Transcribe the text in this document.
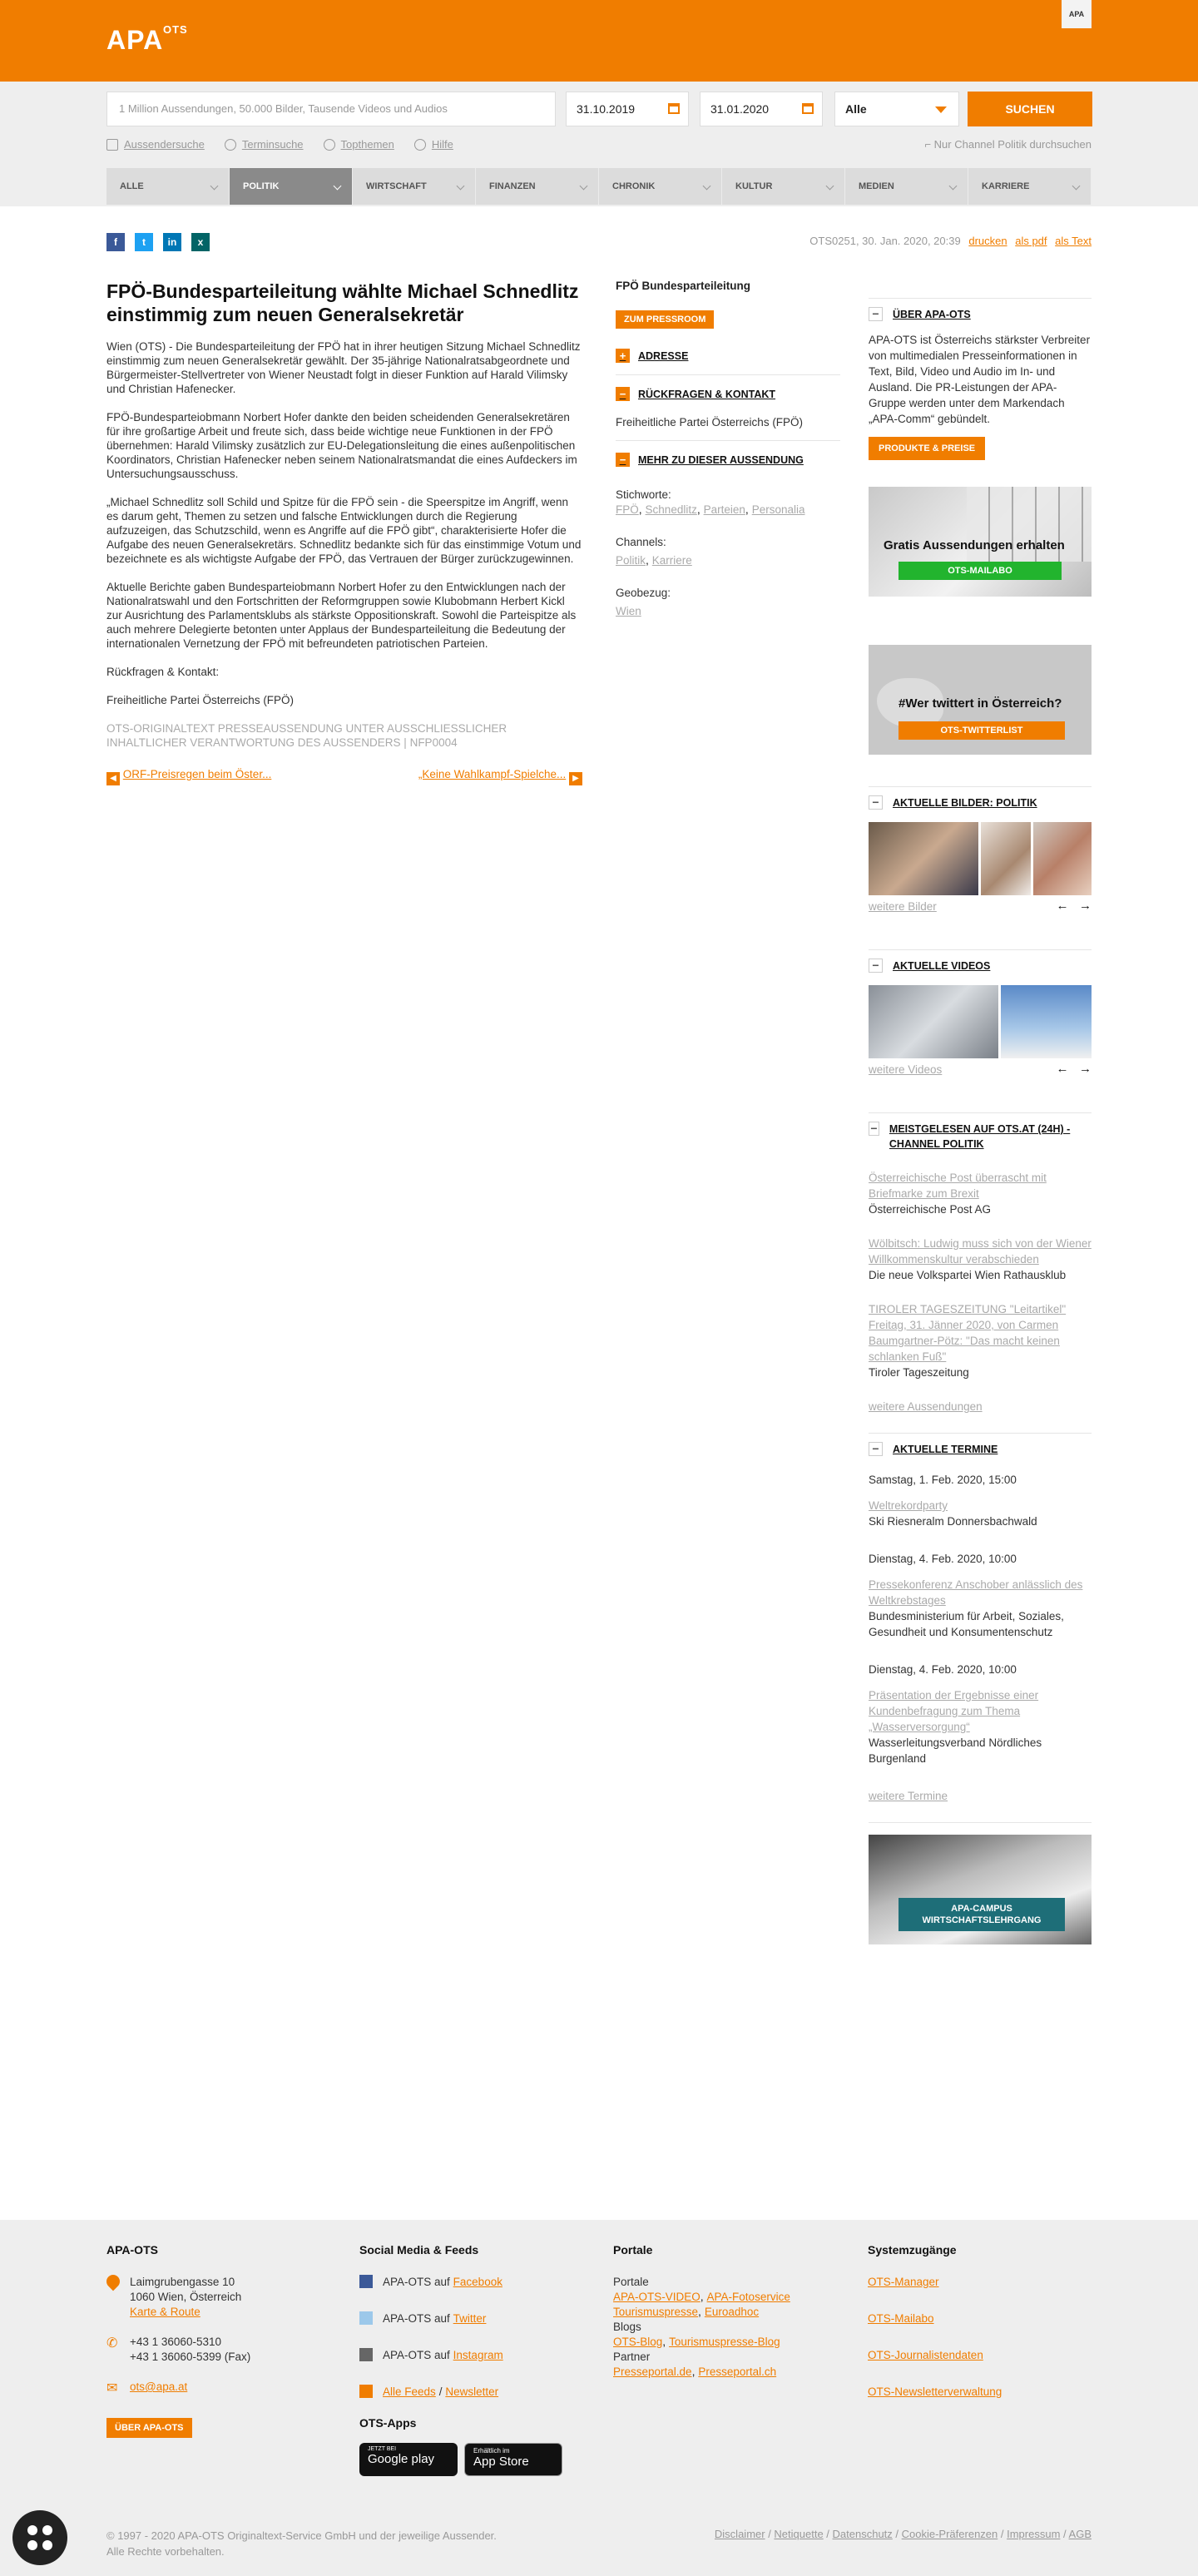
APA OTS
APA
1 Million Aussendungen, 50.000 Bilder, Tausende Videos und Audios	31.10.2019	31.01.2020	Alle	SUCHEN
Aussendersuche	Terminsuche	Topthemen	Hilfe	⌐ Nur Channel Politik durchsuchen
ALLE	POLITIK	WIRTSCHAFT	FINANZEN	CHRONIK	KULTUR	MEDIEN	KARRIERE
f	t	in	x	OTS0251, 30. Jan. 2020, 20:39 drucken als pdf als Text
FPÖ-Bundesparteileitung wählte Michael Schnedlitz einstimmig zum neuen Generalsekretär

Wien (OTS) - Die Bundesparteileitung der FPÖ hat in ihrer heutigen Sitzung Michael Schnedlitz einstimmig zum neuen Generalsekretär gewählt. Der 35-jährige Nationalratsabgeordnete und Bürgermeister-Stellvertreter von Wiener Neustadt folgt in dieser Funktion auf Harald Vilimsky und Christian Hafenecker.

FPÖ-Bundesparteiobmann Norbert Hofer dankte den beiden scheidenden Generalsekretären für ihre großartige Arbeit und freute sich, dass beide wichtige neue Funktionen in der FPÖ übernehmen: Harald Vilimsky zusätzlich zur EU-Delegationsleitung die eines außenpolitischen Koordinators, Christian Hafenecker neben seinem Nationalratsmandat die eines Aufdeckers im Untersuchungsausschuss.

„Michael Schnedlitz soll Schild und Spitze für die FPÖ sein - die Speerspitze im Angriff, wenn es darum geht, Themen zu setzen und falsche Entwicklungen durch die Regierung aufzuzeigen, das Schutzschild, wenn es Angriffe auf die FPÖ gibt“, charakterisierte Hofer die Aufgabe des neuen Generalsekretärs. Schnedlitz bedankte sich für das einstimmige Votum und bezeichnete es als wichtigste Aufgabe der FPÖ, das Vertrauen der Bürger zurückzugewinnen.

Aktuelle Berichte gaben Bundesparteiobmann Norbert Hofer zu den Entwicklungen nach der Nationalratswahl und den Fortschritten der Reformgruppen sowie Klubobmann Herbert Kickl zur Ausrichtung des Parlamentsklubs als stärkste Oppositionskraft. Sowohl die Parteispitze als auch mehrere Delegierte betonten unter Applaus der Bundesparteileitung die Bedeutung der internationalen Vernetzung der FPÖ mit befreundeten patriotischen Parteien.

Rückfragen & Kontakt:

Freiheitliche Partei Österreichs (FPÖ)

OTS-ORIGINALTEXT PRESSEAUSSENDUNG UNTER AUSSCHLIESSLICHER INHALTLICHER VERANTWORTUNG DES AUSSENDERS | NFP0004
◀ ORF-Preisregen beim Öster...	„Keine Wahlkampf-Spielche... ▶
FPÖ Bundesparteileitung
ZUM PRESSROOM
+	ADRESSE
−	RÜCKFRAGEN & KONTAKT
Freiheitliche Partei Österreichs (FPÖ)
−	MEHR ZU DIESER AUSSENDUNG
Stichworte:
FPÖ, Schnedlitz, Parteien, Personalia
Channels:
Politik, Karriere
Geobezug:
Wien
−	ÜBER APA-OTS
APA-OTS ist Österreichs stärkster Verbreiter von multimedialen Presseinformationen in Text, Bild, Video und Audio im In- und Ausland. Die PR-Leistungen der APA-Gruppe werden unter dem Markendach „APA-Comm“ gebündelt.
PRODUKTE & PREISE
Gratis Aussendungen erhalten
OTS-MAILABO
#Wer twittert in Österreich?
OTS-TWITTERLIST
−	AKTUELLE BILDER: POLITIK
weitere Bilder	← →
−	AKTUELLE VIDEOS
weitere Videos	← →
− MEISTGELESEN AUF OTS.AT (24H) - CHANNEL POLITIK
Österreichische Post überrascht mit Briefmarke zum Brexit
Österreichische Post AG
Wölbitsch: Ludwig muss sich von der Wiener Willkommenskultur verabschieden
Die neue Volkspartei Wien Rathausklub
TIROLER TAGESZEITUNG "Leitartikel" Freitag, 31. Jänner 2020, von Carmen Baumgartner-Pötz: "Das macht keinen schlanken Fuß"
Tiroler Tageszeitung
weitere Aussendungen
−	AKTUELLE TERMINE
Samstag, 1. Feb. 2020, 15:00
Weltrekordparty
Ski Riesneralm Donnersbachwald
Dienstag, 4. Feb. 2020, 10:00
Pressekonferenz Anschober anlässlich des Weltkrebstages
Bundesministerium für Arbeit, Soziales, Gesundheit und Konsumentenschutz
Dienstag, 4. Feb. 2020, 10:00
Präsentation der Ergebnisse einer Kundenbefragung zum Thema „Wasserversorgung“
Wasserleitungsverband Nördliches Burgenland
weitere Termine
APA-CAMPUS WIRTSCHAFTSLEHRGANG
APA-OTS
Laimgrubengasse 10
1060 Wien, Österreich
Karte & Route
✆ +43 1 36060-5310
+43 1 36060-5399 (Fax)
✉ ots@apa.at
ÜBER APA-OTS
Social Media & Feeds
APA-OTS auf Facebook
APA-OTS auf Twitter
APA-OTS auf Instagram
Alle Feeds / Newsletter
OTS-Apps
JETZT BEI
Google play
Erhältlich im
App Store
Portale
Portale
APA-OTS-VIDEO, APA-Fotoservice
Tourismuspresse, Euroadhoc
Blogs
OTS-Blog, Tourismuspresse-Blog
Partner
Presseportal.de, Presseportal.ch
Systemzugänge
OTS-Manager
OTS-Mailabo
OTS-Journalistendaten
OTS-Newsletterverwaltung
© 1997 - 2020 APA-OTS Originaltext-Service GmbH und der jeweilige Aussender.
Alle Rechte vorbehalten.
Disclaimer / Netiquette / Datenschutz / Cookie-Präferenzen / Impressum / AGB
